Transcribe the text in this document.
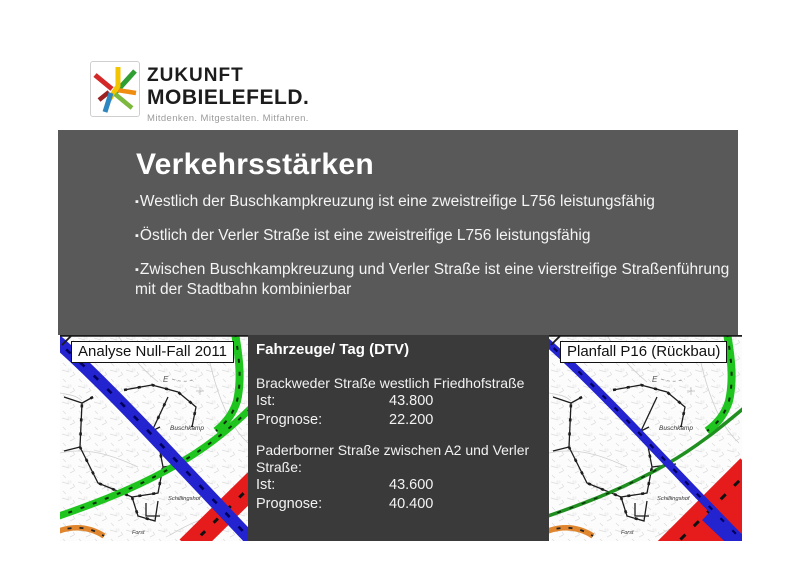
ZUKUNFT
MOBIELEFELD.
Mitdenken. Mitgestalten. Mitfahren.
Verkehrsstärken
▪Westlich der Buschkampkreuzung ist eine zweistreifige L756 leistungsfähig
▪Östlich der Verler Straße ist eine zweistreifige L756 leistungsfähig
▪Zwischen Buschkampkreuzung und Verler Straße ist eine vierstreifige Straßenführung mit der Stadtbahn kombinierbar
E
Buschkamp
Schillingshof
Forst
Analyse Null-Fall 2011	Fahrzeuge/ Tag (DTV)
Brackweder Straße westlich Friedhofstraße
Ist:	43.800
Prognose:	22.200
Paderborner Straße zwischen A2 und Verler Straße:
Ist:	43.600
Prognose:	40.400
E
Buschkamp
Schillingshof
Forst
Planfall P16 (Rückbau)
